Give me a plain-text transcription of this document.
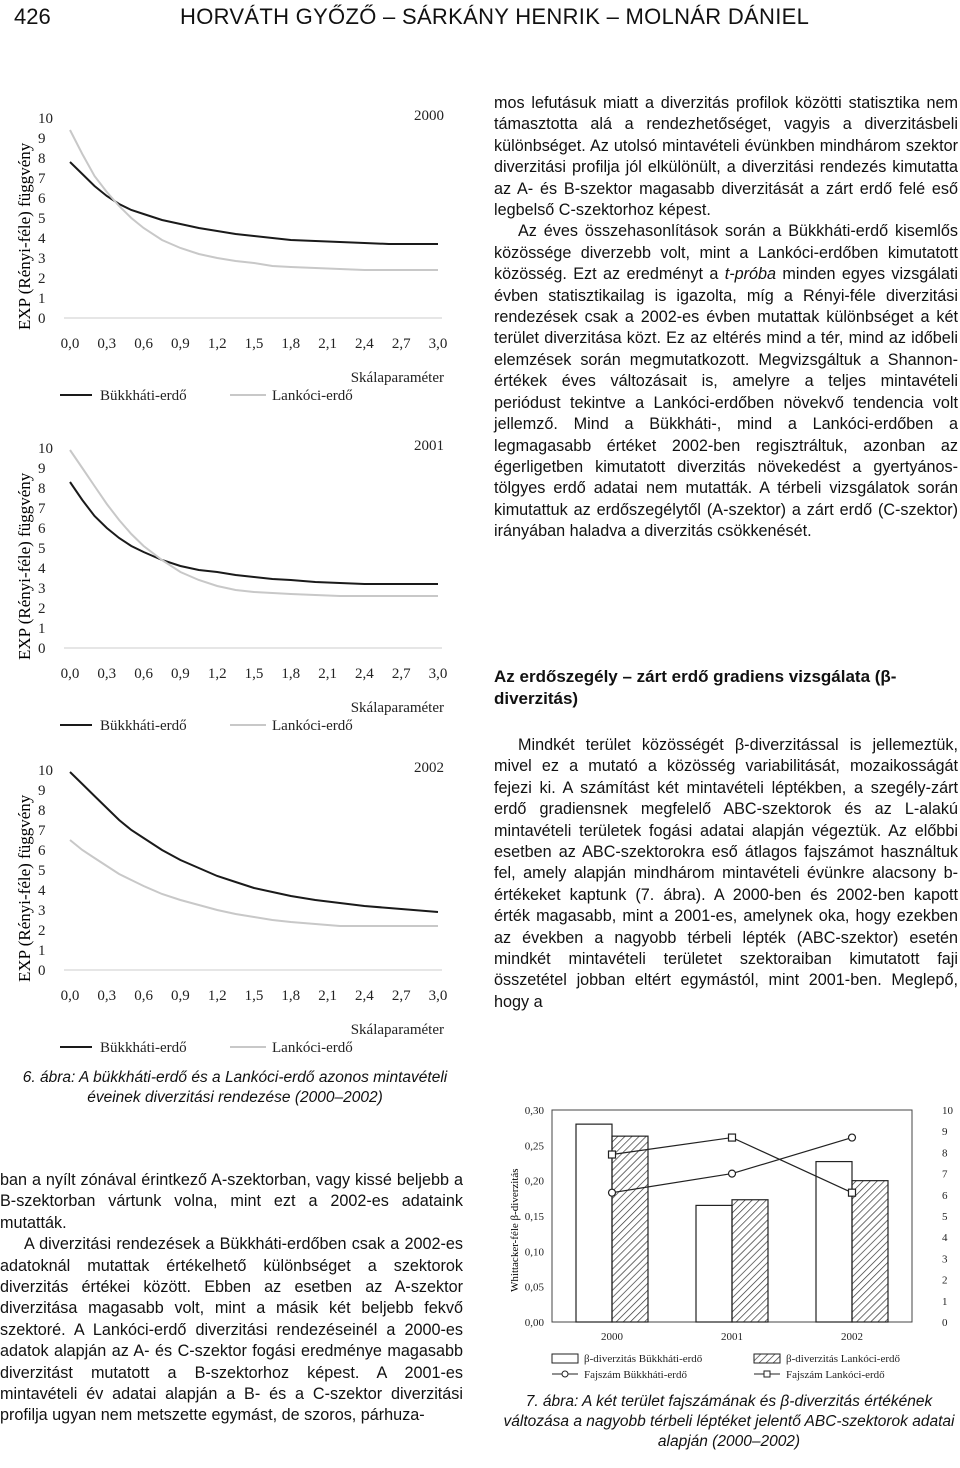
426	HORVÁTH GYŐZŐ – SÁRKÁNY HENRIK – MOLNÁR DÁNIEL
EXP (Rényi-féle) függvény 0
1
2
3
4
5
6
7
8
9
10
0,0 0,3 0,6 0,9 1,2 1,5 1,8 2,1 2,4 2,7 3,0
2000
Skálaparaméter
Bükkháti-erdő	Lankóci-erdő
EXP (Rényi-féle) függvény 0
1
2
3
4
5
6
7
8
9
10
0,0 0,3 0,6 0,9 1,2 1,5 1,8 2,1 2,4 2,7 3,0
2001
Skálaparaméter
Bükkháti-erdő	Lankóci-erdő
EXP (Rényi-féle) függvény 0
1
2
3
4
5
6
7
8
9
10
0,0 0,3 0,6 0,9 1,2 1,5 1,8 2,1 2,4 2,7 3,0
2002
Skálaparaméter
Bükkháti-erdő	Lankóci-erdő
6. ábra: A bükkháti-erdő és a Lankóci-erdő azonos mintavételi éveinek diverzitási rendezése (2000–2002)

ban a nyílt zónával érintkező A-szektorban, vagy kissé beljebb a B-szektorban vártunk volna, mint ezt a 2002-es adataink mutatták.

A diverzitási rendezések a Bükkháti-erdőben csak a 2002-es adatoknál mutattak értékelhető különbséget a szektorok diverzitás értékei között. Ebben az esetben az A-szektor diverzitása magasabb volt, mint a másik két beljebb fekvő szektoré. A Lankóci-erdő diverzitási rendezéseinél a 2000-es adatok alapján az A- és C-szektor fogási eredménye magasabb diverzitást mutatott a B-szektorhoz képest. A 2001-es mintavételi év adatai alapján a B- és a C-szektor diverzitási profilja ugyan nem metszette egymást, de szoros, párhuza-

mos lefutásuk miatt a diverzitás profilok közötti statisztika nem támasztotta alá a rendezhetőséget, vagyis a diverzitásbeli különbséget. Az utolsó mintavételi évünkben mindhárom szektor diverzitási profilja jól elkülönült, a diverzitási rendezés kimutatta az A- és B-szektor magasabb diverzitását a zárt erdő felé eső legbelső C-szektorhoz képest.

Az éves összehasonlítások során a Bükkháti-erdő kisemlős közössége diverzebb volt, mint a Lankóci-erdőben kimutatott közösség. Ezt az eredményt a t-próba minden egyes vizsgálati évben statisztikailag is igazolta, míg a Rényi-féle diverzitási rendezések csak a 2002-es évben mutattak különbséget a két terület diverzitása közt. Ez az eltérés mind a tér, mind az időbeli elemzések során megmutatkozott. Megvizsgáltuk a Shannon-értékek éves változásait is, amelyre a teljes mintavételi periódust tekintve a Lankóci-erdőben növekvő tendencia volt jellemző. Mind a Bükkháti-, mind a Lankóci-erdőben a legmagasabb értéket 2002-ben regisztráltuk, azonban az égerligetben kimutatott diverzitás növekedést a gyertyános-tölgyes erdő adatai nem mutatták. A térbeli vizsgálatok során kimutattuk az erdőszegélytől (A-szektor) a zárt erdő (C-szektor) irányában haladva a diverzitás csökkenését.

Az erdőszegély – zárt erdő gradiens vizsgálata (β-diverzitás)

Mindkét terület közösségét β-diverzitással is jellemeztük, mivel ez a mutató a közösség variabilitását, mozaikosságát fejezi ki. A számítást két mintavételi léptékben, a szegély-zárt erdő gradiensnek megfelelő ABC-szektorok és az L-alakú mintavételi területek fogási adatai alapján végeztük. Az előbbi esetben az ABC-szektorokra eső átlagos fajszámot használtuk fel, amely alapján mindhárom mintavételi évünkre alacsony b-értékeket kaptunk (7. ábra). A 2000-ben és 2002-ben kapott érték magasabb, mint a 2001-es, amelynek oka, hogy ezekben az években a nagyobb térbeli lépték (ABC-szektor) esetén mindkét mintavételi területet szektoraiban kimutatott faji összetétel jobban eltért egymástól, mint 2001-ben. Meglepő, hogy a

Whittacker-féle β-diverzitás
0,00
0,05
0,10
0,15
0,20
0,25
0,30
0
1
2
3
4
5
6
7
8
9
10
2000	2001	2002
β-diverzitás Bükkháti-erdő	β-diverzitás Lankóci-erdő
Fajszám Bükkháti-erdő	Fajszám Lankóci-erdő
7. ábra: A két terület fajszámának és β-diverzitás értékének változása a nagyobb térbeli léptéket jelentő ABC-szektorok adatai alapján (2000–2002)
